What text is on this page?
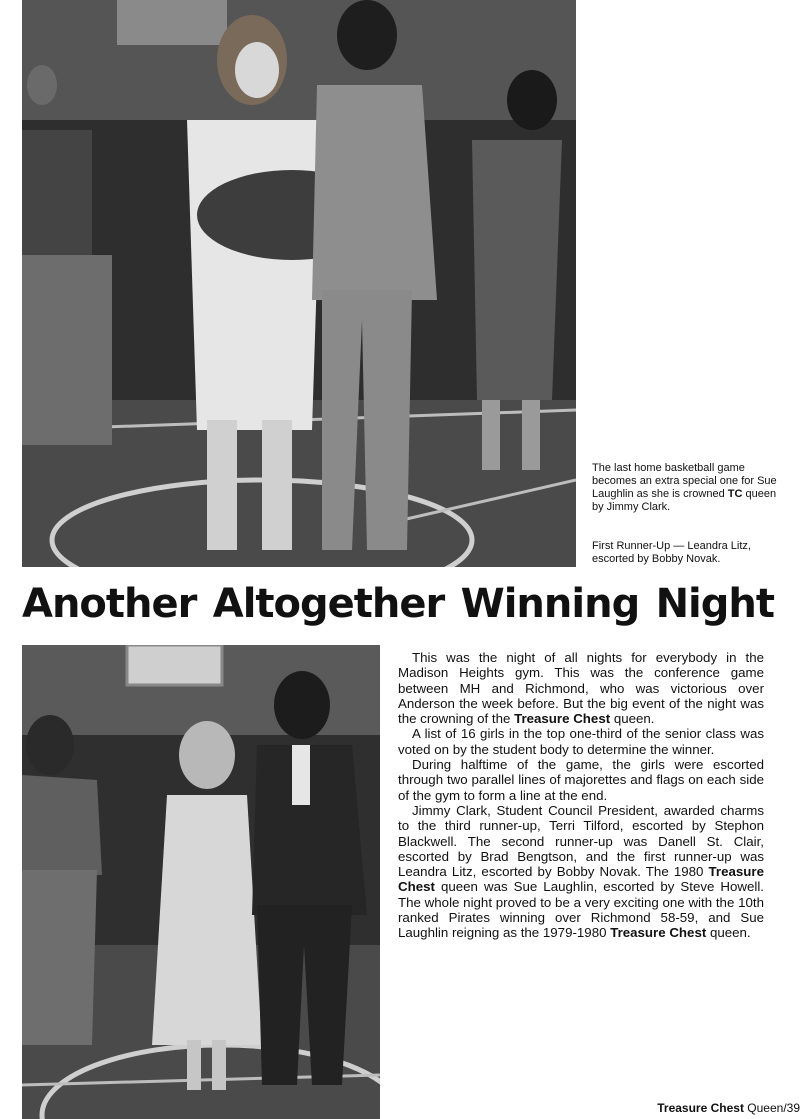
The last home basketball game becomes an extra special one for Sue Laughlin as she is crowned TC queen by Jimmy Clark.
First Runner-Up — Leandra Litz, escorted by Bobby Novak.
Another Altogether Winning Night

This was the night of all nights for everybody in the Madison Heights gym. This was the conference game between MH and Richmond, who was victorious over Anderson the week before. But the big event of the night was the crowning of the Treasure Chest queen.

A list of 16 girls in the top one-third of the senior class was voted on by the student body to determine the winner.

During halftime of the game, the girls were escorted through two parallel lines of majorettes and flags on each side of the gym to form a line at the end.

Jimmy Clark, Student Council President, awarded charms to the third runner-up, Terri Tilford, escorted by Stephon Blackwell. The second runner-up was Danell St. Clair, escorted by Brad Bengtson, and the first runner-up was Leandra Litz, escorted by Bobby Novak. The 1980 Treasure Chest queen was Sue Laughlin, escorted by Steve Howell. The whole night proved to be a very exciting one with the 10th ranked Pirates winning over Richmond 58-59, and Sue Laughlin reigning as the 1979-1980 Treasure Chest queen.

Treasure Chest Queen/39
